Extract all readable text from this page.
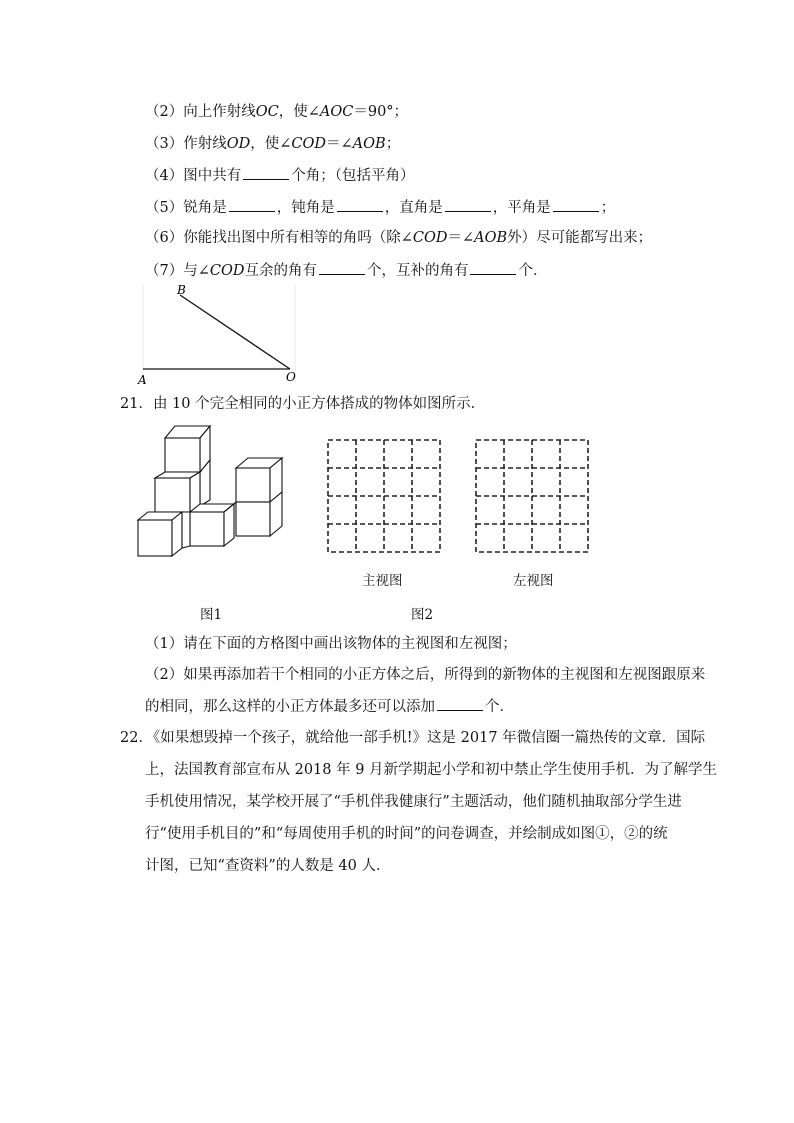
（2）向上作射线OC，使∠AOC＝90°；
（3）作射线OD，使∠COD＝∠AOB；
（4）图中共有	个角；（包括平角）
（5）锐角是	，钝角是	，直角是	，平角是	；
（6）你能找出图中所有相等的角吗（除∠COD＝∠AOB外）尽可能都写出来；
（7）与∠COD互余的角有	个，互补的角有	个．
B
A	O
21．由 10 个完全相同的小正方体搭成的物体如图所示．
主视图	左视图
图1	图2
（1）请在下面的方格图中画出该物体的主视图和左视图；
（2）如果再添加若干个相同的小正方体之后，所得到的新物体的主视图和左视图跟原来
的相同，那么这样的小正方体最多还可以添加	个．
22．《如果想毁掉一个孩子，就给他一部手机!》这是 2017 年微信圈一篇热传的文章．国际
上，法国教育部宣布从 2018 年 9 月新学期起小学和初中禁止学生使用手机．为了解学生
手机使用情况，某学校开展了“手机伴我健康行”主题活动，他们随机抽取部分学生进
行“使用手机目的”和“每周使用手机的时间”的问卷调查，并绘制成如图①，②的统
计图，已知“查资料”的人数是 40 人．
